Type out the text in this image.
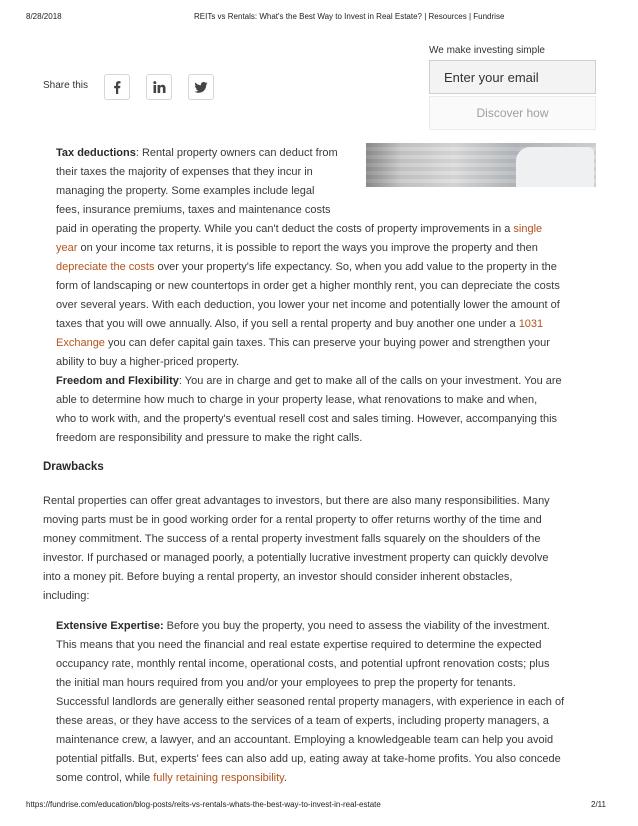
8/28/2018	REITs vs Rentals: What's the Best Way to Invest in Real Estate? | Resources | Fundrise
Share this
We make investing simple
Enter your email
Discover how
Tax deductions: Rental property owners can deduct from
their taxes the majority of expenses that they incur in
managing the property. Some examples include legal
fees, insurance premiums, taxes and maintenance costs
paid in operating the property. While you can't deduct the costs of property improvements in a single
year on your income tax returns, it is possible to report the ways you improve the property and then
depreciate the costs over your property's life expectancy. So, when you add value to the property in the
form of landscaping or new countertops in order get a higher monthly rent, you can depreciate the costs
over several years. With each deduction, you lower your net income and potentially lower the amount of
taxes that you will owe annually. Also, if you sell a rental property and buy another one under a 1031
Exchange you can defer capital gain taxes. This can preserve your buying power and strengthen your
ability to buy a higher-priced property.
Freedom and Flexibility: You are in charge and get to make all of the calls on your investment. You are
able to determine how much to charge in your property lease, what renovations to make and when,
who to work with, and the property's eventual resell cost and sales timing. However, accompanying this
freedom are responsibility and pressure to make the right calls.
Drawbacks
Rental properties can offer great advantages to investors, but there are also many responsibilities. Many
moving parts must be in good working order for a rental property to offer returns worthy of the time and
money commitment. The success of a rental property investment falls squarely on the shoulders of the
investor. If purchased or managed poorly, a potentially lucrative investment property can quickly devolve
into a money pit. Before buying a rental property, an investor should consider inherent obstacles,
including:
Extensive Expertise: Before you buy the property, you need to assess the viability of the investment.
This means that you need the financial and real estate expertise required to determine the expected
occupancy rate, monthly rental income, operational costs, and potential upfront renovation costs; plus
the initial man hours required from you and/or your employees to prep the property for tenants.
Successful landlords are generally either seasoned rental property managers, with experience in each of
these areas, or they have access to the services of a team of experts, including property managers, a
maintenance crew, a lawyer, and an accountant. Employing a knowledgeable team can help you avoid
potential pitfalls. But, experts' fees can also add up, eating away at take-home profits. You also concede
some control, while fully retaining responsibility.
https://fundrise.com/education/blog-posts/reits-vs-rentals-whats-the-best-way-to-invest-in-real-estate	2/11
